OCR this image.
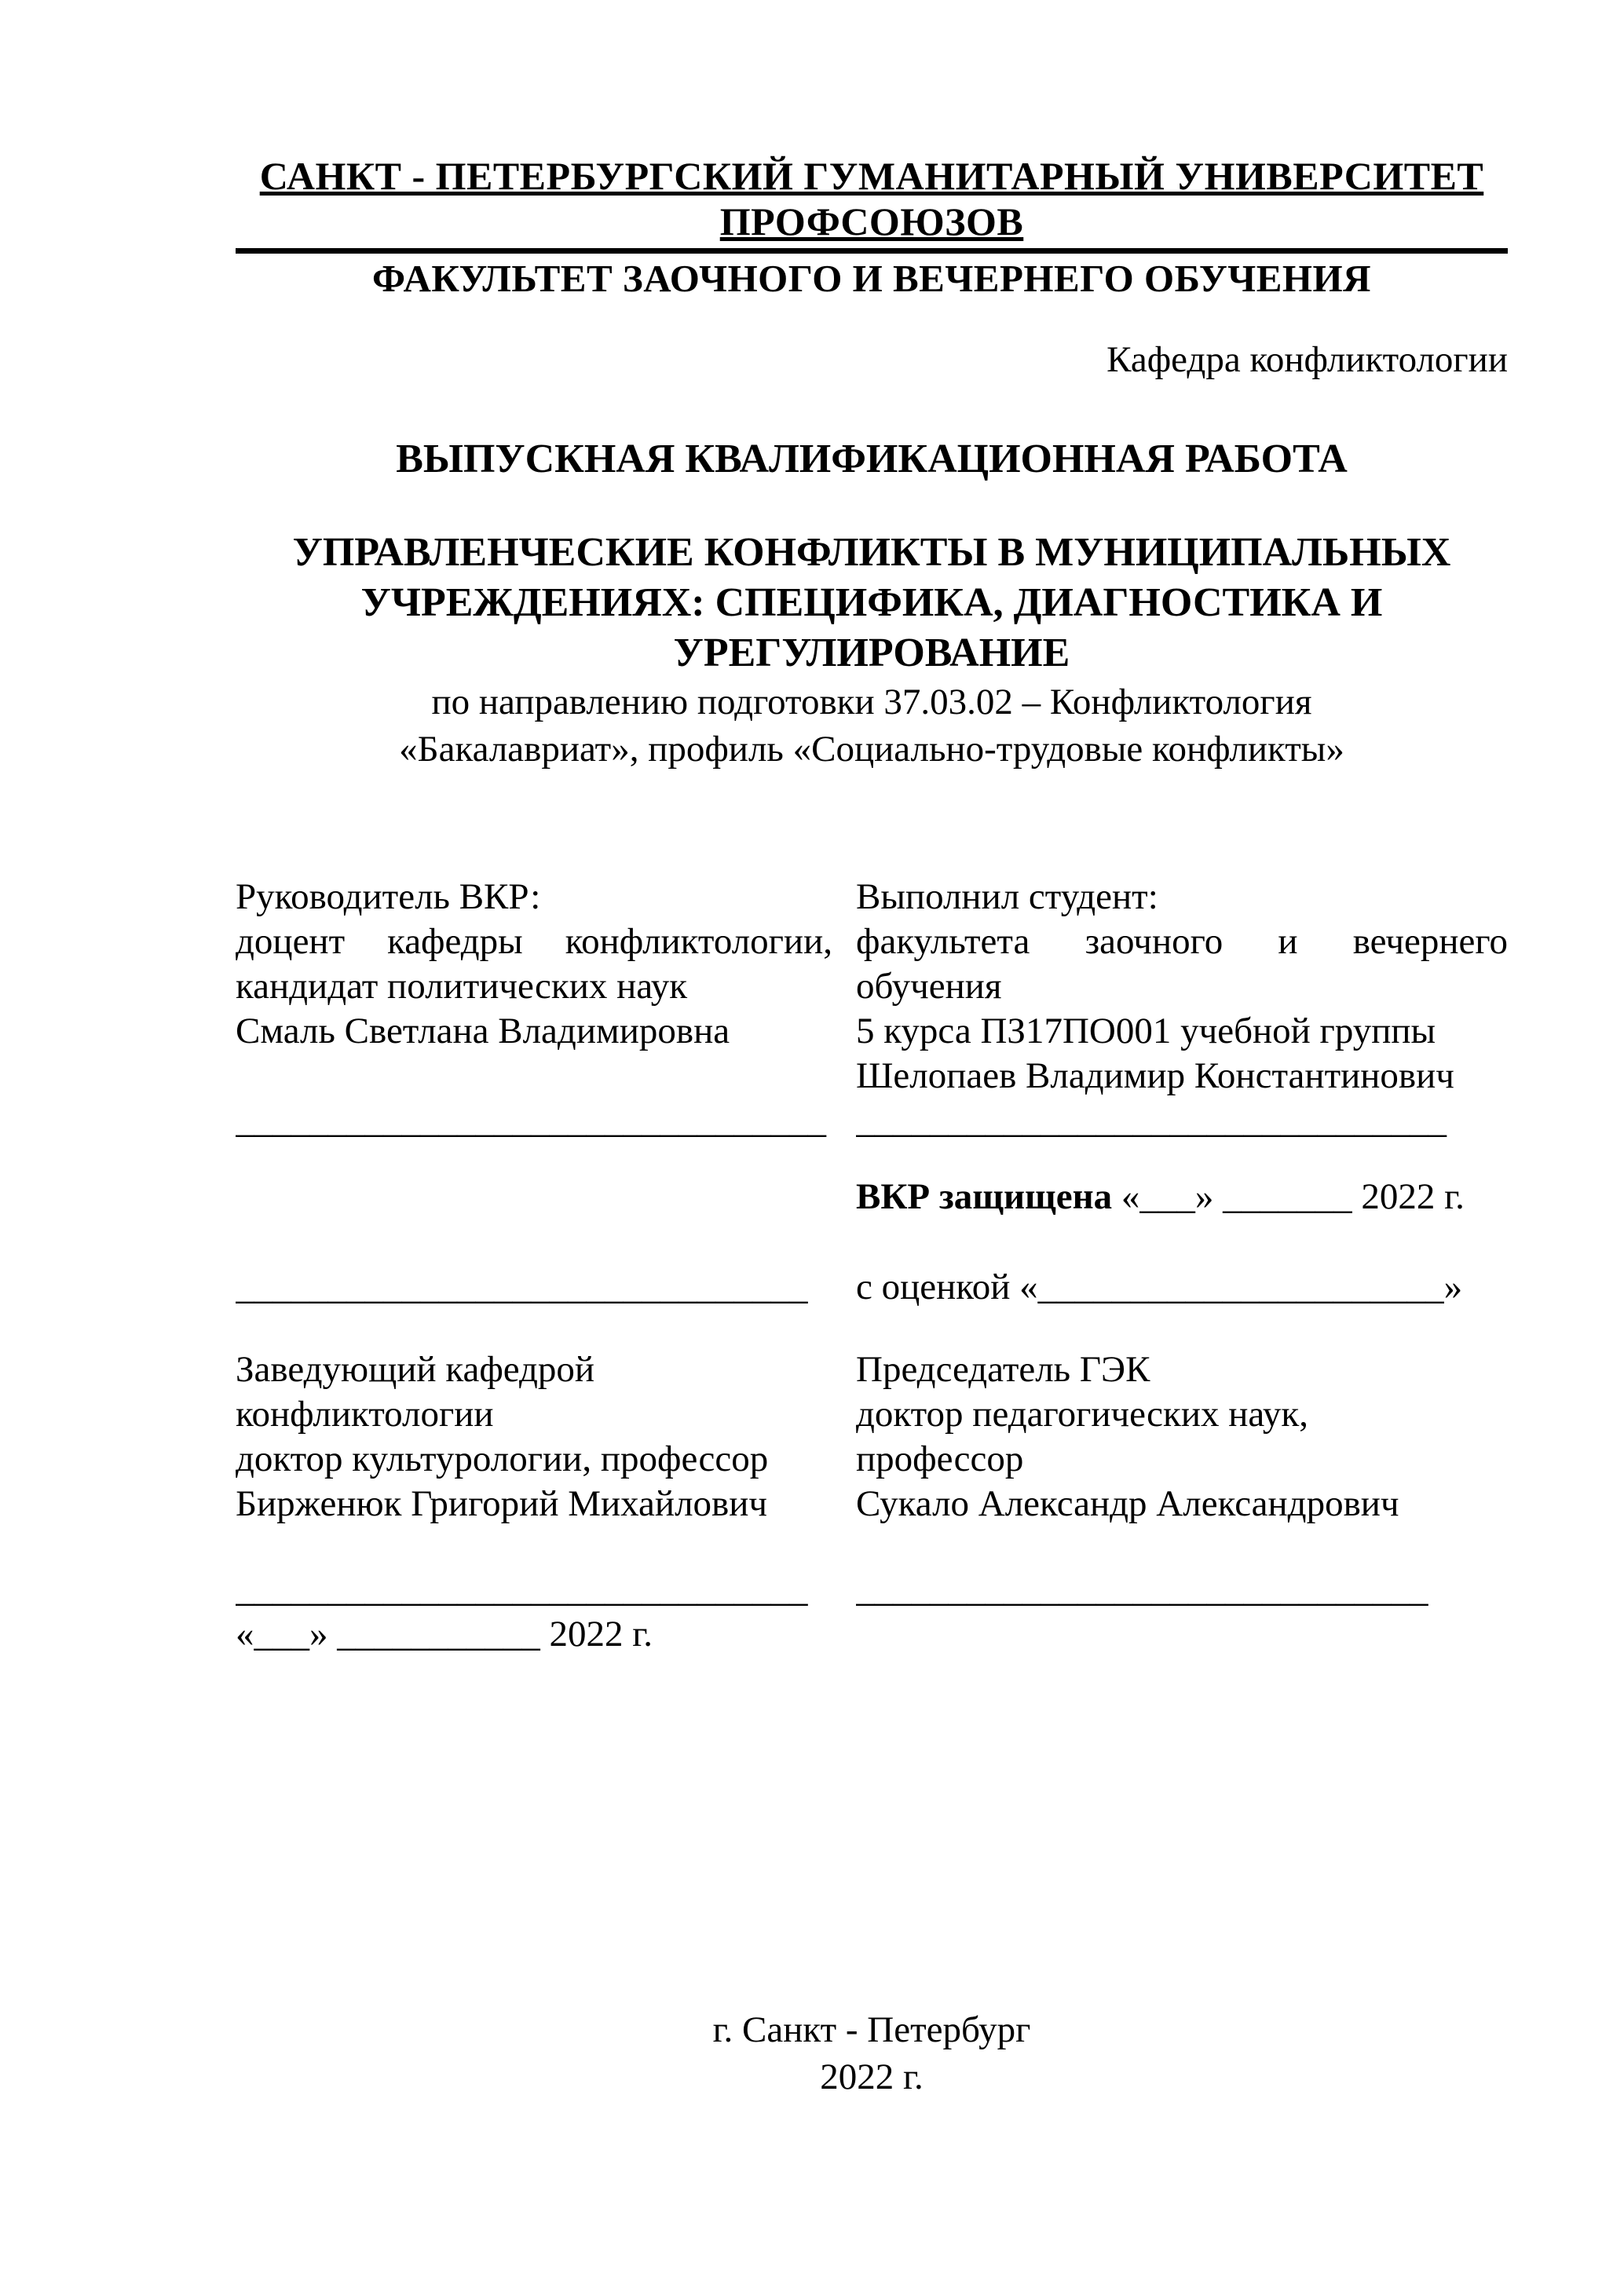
САНКТ - ПЕТЕРБУРГСКИЙ ГУМАНИТАРНЫЙ УНИВЕРСИТЕТ ПРОФСОЮЗОВ
ФАКУЛЬТЕТ ЗАОЧНОГО И ВЕЧЕРНЕГО ОБУЧЕНИЯ
Кафедра конфликтологии
ВЫПУСКНАЯ КВАЛИФИКАЦИОННАЯ РАБОТА
УПРАВЛЕНЧЕСКИЕ КОНФЛИКТЫ В МУНИЦИПАЛЬНЫХ
УЧРЕЖДЕНИЯХ: СПЕЦИФИКА, ДИАГНОСТИКА И
УРЕГУЛИРОВАНИЕ
по направлению подготовки 37.03.02 – Конфликтология
«Бакалавриат», профиль «Социально-трудовые конфликты»
Руководитель ВКР:
доцент кафедры конфликтологии,
кандидат политических наук
Смаль Светлана Владимировна
Выполнил студент:
факультета заочного и вечернего
обучения
5 курса ПЗ17ПО001 учебной группы
Шелопаев Владимир Константинович
________________________________ ________________________________
ВКР защищена «___» _______ 2022 г.
_______________________________	с оценкой «______________________»
Заведующий кафедрой
конфликтологии
доктор культурологии, профессор
Бирженюк Григорий Михайлович
Председатель ГЭК
доктор педагогических наук,
профессор
Сукало Александр Александрович
_______________________________	_______________________________
«___» ___________ 2022 г.
г. Санкт - Петербург
2022 г.
